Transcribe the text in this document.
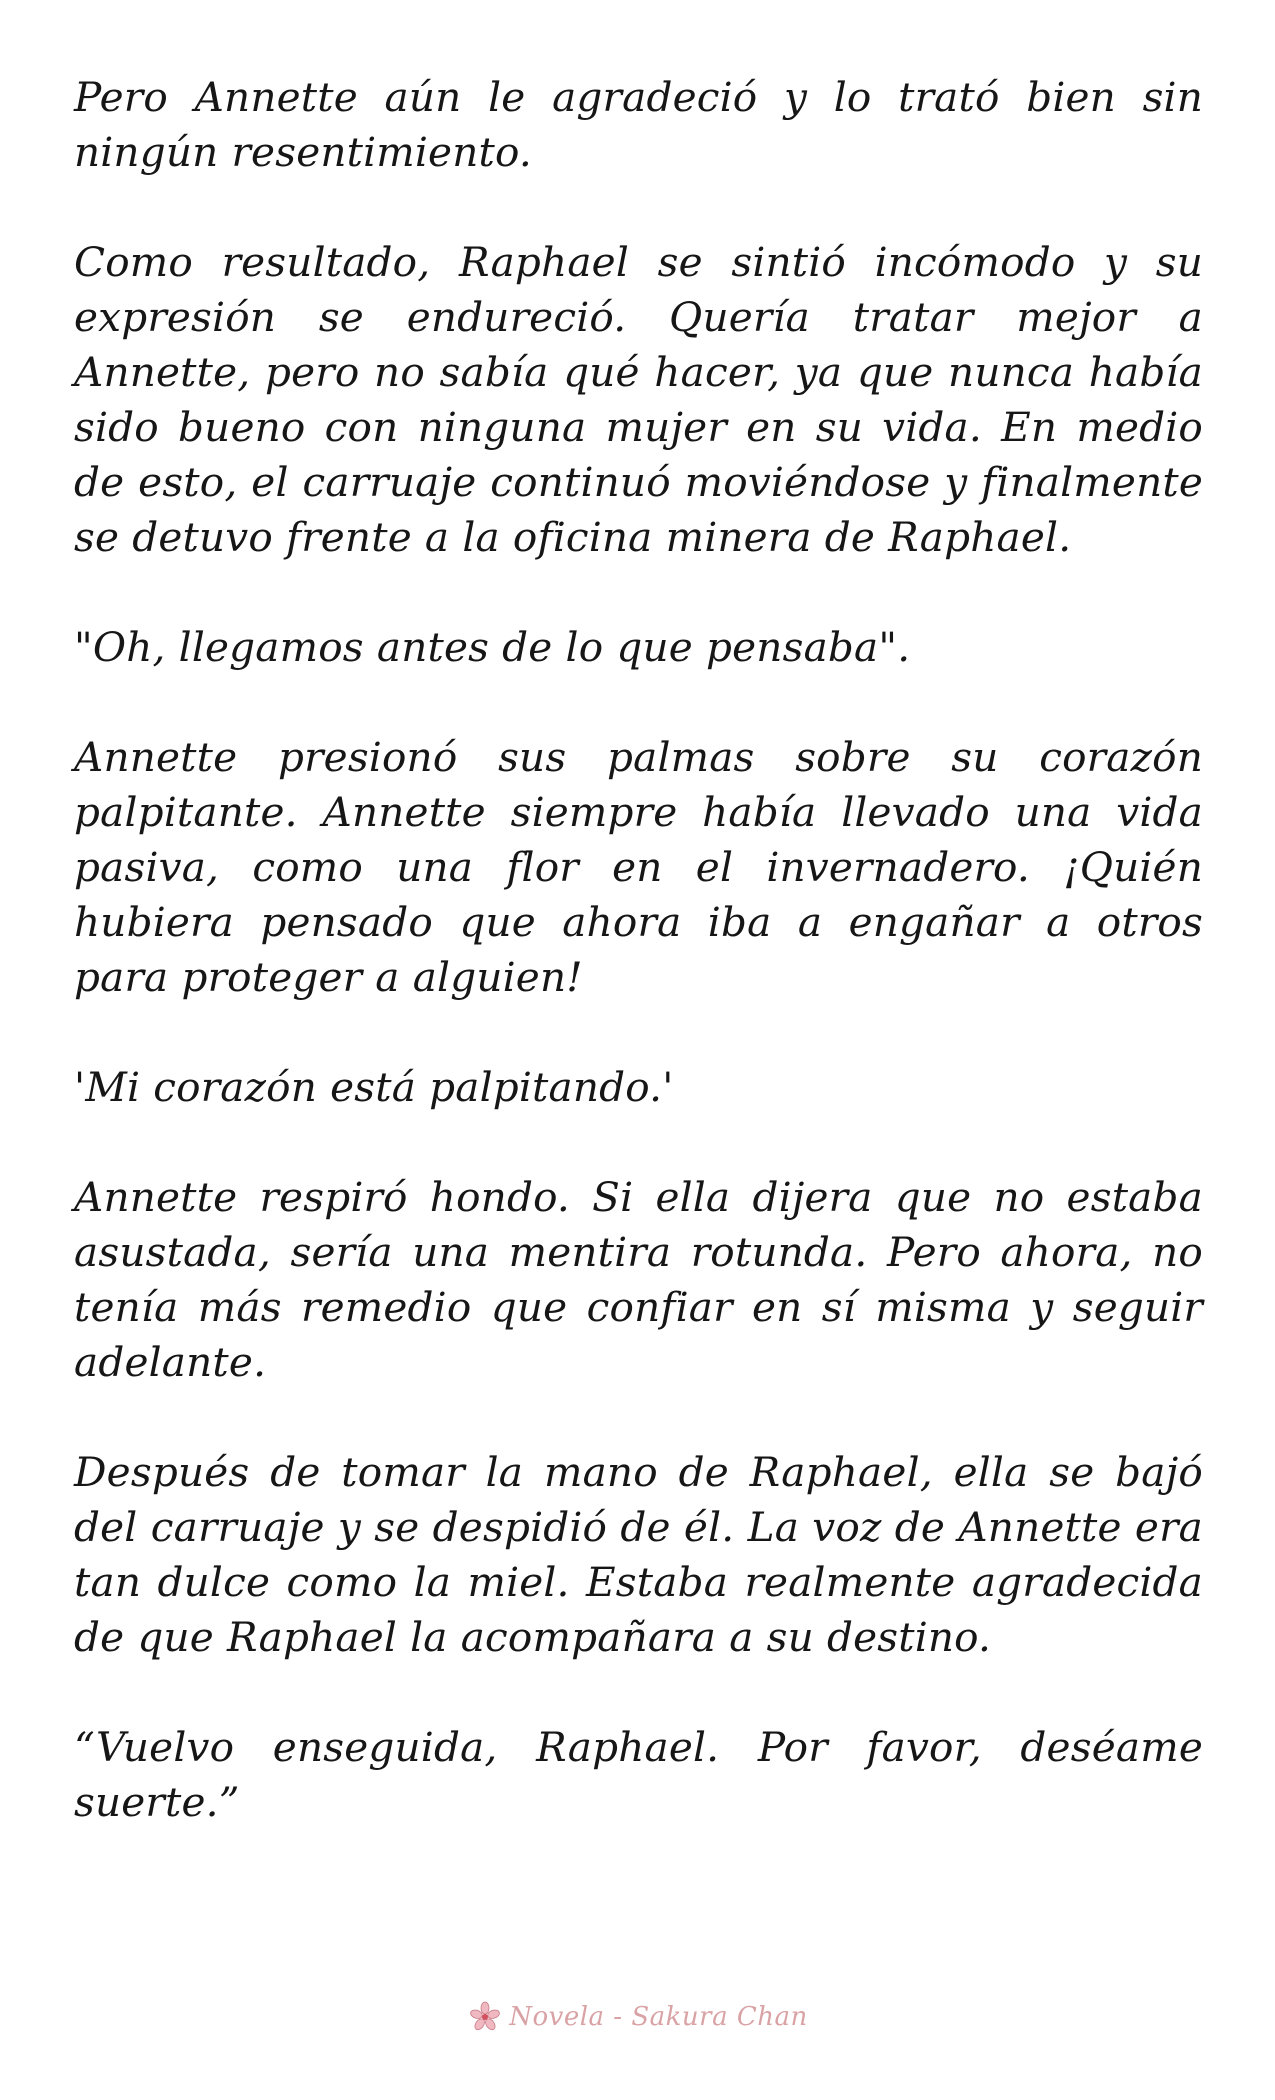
Pero Annette aún le agradeció y lo trató bien sin ningún resentimiento.

Como resultado, Raphael se sintió incómodo y su expresión se endureció. Quería tratar mejor a Annette, pero no sabía qué hacer, ya que nunca había sido bueno con ninguna mujer en su vida. En medio de esto, el carruaje continuó moviéndose y finalmente se detuvo frente a la oficina minera de Raphael.

"Oh, llegamos antes de lo que pensaba".

Annette presionó sus palmas sobre su corazón palpitante. Annette siempre había llevado una vida pasiva, como una flor en el invernadero. ¡Quién hubiera pensado que ahora iba a engañar a otros para proteger a alguien!

'Mi corazón está palpitando.'

Annette respiró hondo. Si ella dijera que no estaba asustada, sería una mentira rotunda. Pero ahora, no tenía más remedio que confiar en sí misma y seguir adelante.

Después de tomar la mano de Raphael, ella se bajó del carruaje y se despidió de él. La voz de Annette era tan dulce como la miel. Estaba realmente agradecida de que Raphael la acompañara a su destino.

“Vuelvo enseguida, Raphael. Por favor, deséame suerte.”

Novela - Sakura Chan
